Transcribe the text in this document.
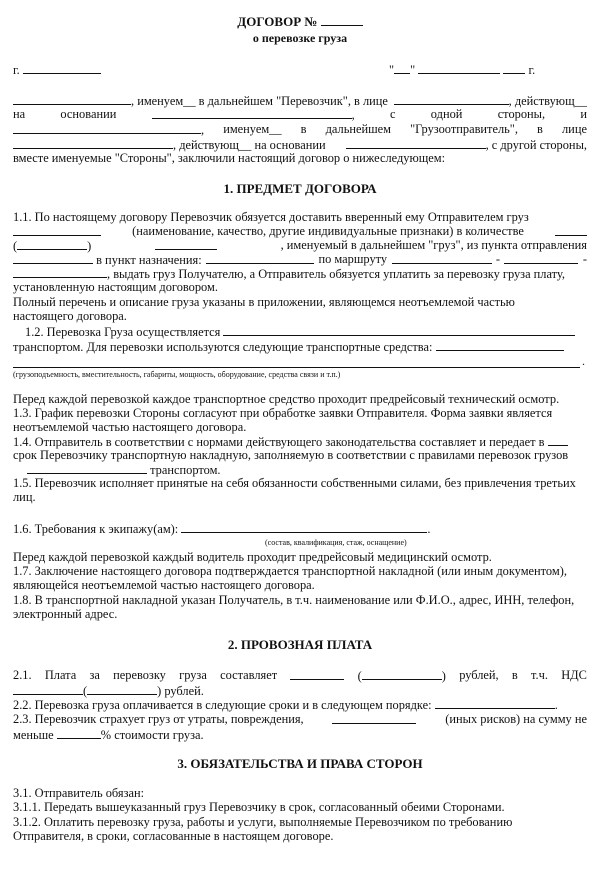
ДОГОВОР №
о перевозке груза
г.	" "	г.
, именуем__ в дальнейшем "Перевозчик", в лице	, действующ__
на	основании	,	с	одной	стороны,	и
, именуем__ в дальнейшем "Грузоотправитель", в лице
, действующ__ на основании	, с другой стороны,
вместе именуемые "Стороны", заключили настоящий договор о нижеследующем:
1. ПРЕДМЕТ ДОГОВОРА
1.1. По настоящему договору Перевозчик обязуется доставить вверенный ему Отправителем груз
(наименование, качество, другие индивидуальные признаки) в количестве
(	)	, именуемый в дальнейшем "груз", из пункта отправления
в пункт назначения:	по маршруту	-	-
, выдать груз Получателю, а Отправитель обязуется уплатить за перевозку груза плату,
установленную настоящим договором.
Полный перечень и описание груза указаны в приложении, являющемся неотъемлемой частью
настоящего договора.
1.2. Перевозка Груза осуществляется
транспортом. Для перевозки используются следующие транспортные средства:
.
(грузоподъемность, вместительность, габариты, мощность, оборудование, средства связи и т.п.)
Перед каждой перевозкой каждое транспортное средство проходит предрейсовый технический осмотр.
1.3. График перевозки Стороны согласуют при обработке заявки Отправителя. Форма заявки является
неотъемлемой частью настоящего договора.
1.4. Отправитель в соответствии с нормами действующего законодательства составляет и передает в
срок Перевозчику транспортную накладную, заполняемую в соответствии с правилами перевозок грузов
транспортом.
1.5. Перевозчик исполняет принятые на себя обязанности собственными силами, без привлечения третьих
лиц.
1.6. Требования к экипажу(ам):	.
(состав, квалификация, стаж, оснащение)
Перед каждой перевозкой каждый водитель проходит предрейсовый медицинский осмотр.
1.7. Заключение настоящего договора подтверждается транспортной накладной (или иным документом),
являющейся неотъемлемой частью настоящего договора.
1.8. В транспортной накладной указан Получатель, в т.ч. наименование или Ф.И.О., адрес, ИНН, телефон,
электронный адрес.
2. ПРОВОЗНАЯ ПЛАТА
2.1. Плата за перевозку груза составляет	(	) рублей, в т.ч. НДС
(	) рублей.
2.2. Перевозка груза оплачивается в следующие сроки и в следующем порядке:	.
2.3. Перевозчик страхует груз от утраты, повреждения,	(иных рисков) на сумму не
меньше	% стоимости груза.
3. ОБЯЗАТЕЛЬСТВА И ПРАВА СТОРОН
3.1. Отправитель обязан:
3.1.1. Передать вышеуказанный груз Перевозчику в срок, согласованный обеими Сторонами.
3.1.2. Оплатить перевозку груза, работы и услуги, выполняемые Перевозчиком по требованию
Отправителя, в сроки, согласованные в настоящем договоре.
